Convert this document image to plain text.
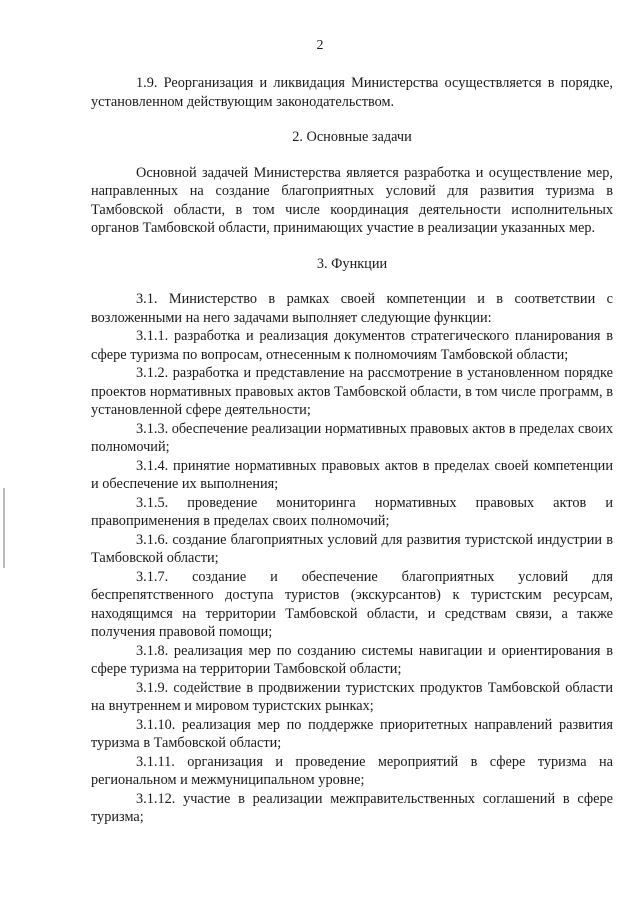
2

1.9. Реорганизация и ликвидация Министерства осуществляется в порядке, установленном действующим законодательством.

2. Основные задачи

Основной задачей Министерства является разработка и осуществление мер, направленных на создание благоприятных условий для развития туризма в Тамбовской области, в том числе координация деятельности исполнительных органов Тамбовской области, принимающих участие в реализации указанных мер.

3. Функции

3.1. Министерство в рамках своей компетенции и в соответствии с возложенными на него задачами выполняет следующие функции:

3.1.1. разработка и реализация документов стратегического планирования в сфере туризма по вопросам, отнесенным к полномочиям Тамбовской области;

3.1.2. разработка и представление на рассмотрение в установленном порядке проектов нормативных правовых актов Тамбовской области, в том числе программ, в установленной сфере деятельности;

3.1.3. обеспечение реализации нормативных правовых актов в пределах своих полномочий;

3.1.4. принятие нормативных правовых актов в пределах своей компетенции и обеспечение их выполнения;

3.1.5. проведение мониторинга нормативных правовых актов и правоприменения в пределах своих полномочий;

3.1.6. создание благоприятных условий для развития туристской индустрии в Тамбовской области;

3.1.7. создание и обеспечение благоприятных условий для беспрепятственного доступа туристов (экскурсантов) к туристским ресурсам, находящимся на территории Тамбовской области, и средствам связи, а также получения правовой помощи;

3.1.8. реализация мер по созданию системы навигации и ориентирования в сфере туризма на территории Тамбовской области;

3.1.9. содействие в продвижении туристских продуктов Тамбовской области на внутреннем и мировом туристских рынках;

3.1.10. реализация мер по поддержке приоритетных направлений развития туризма в Тамбовской области;

3.1.11. организация и проведение мероприятий в сфере туризма на региональном и межмуниципальном уровне;

3.1.12. участие в реализации межправительственных соглашений в сфере туризма;
